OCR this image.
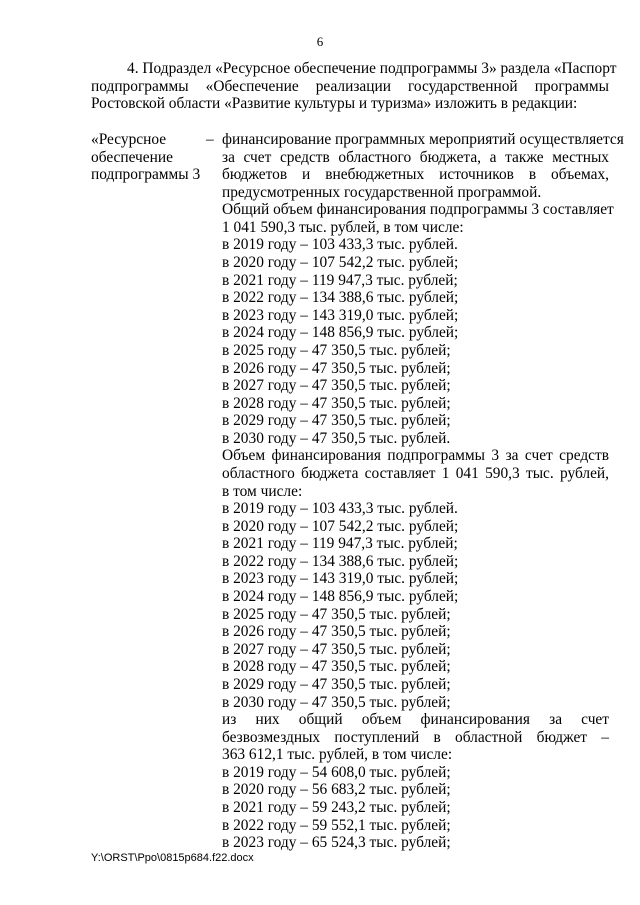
6
4. Подраздел «Ресурсное обеспечение подпрограммы 3» раздела «Паспорт
подпрограммы «Обеспечение реализации государственной программы
Ростовской области «Развитие культуры и туризма» изложить в редакции:
«Ресурсное
обеспечение
подпрограммы 3
– финансирование программных мероприятий осуществляется
за счет средств областного бюджета, а также местных
бюджетов и внебюджетных источников в объемах,
предусмотренных государственной программой.
Общий объем финансирования подпрограммы 3 составляет
1 041 590,3 тыс. рублей, в том числе:
в 2019 году – 103 433,3 тыс. рублей.
в 2020 году – 107 542,2 тыс. рублей;
в 2021 году – 119 947,3 тыс. рублей;
в 2022 году – 134 388,6 тыс. рублей;
в 2023 году – 143 319,0 тыс. рублей;
в 2024 году – 148 856,9 тыс. рублей;
в 2025 году – 47 350,5 тыс. рублей;
в 2026 году – 47 350,5 тыс. рублей;
в 2027 году – 47 350,5 тыс. рублей;
в 2028 году – 47 350,5 тыс. рублей;
в 2029 году – 47 350,5 тыс. рублей;
в 2030 году – 47 350,5 тыс. рублей.
Объем финансирования подпрограммы 3 за счет средств
областного бюджета составляет 1 041 590,3 тыс. рублей,
в том числе:
в 2019 году – 103 433,3 тыс. рублей.
в 2020 году – 107 542,2 тыс. рублей;
в 2021 году – 119 947,3 тыс. рублей;
в 2022 году – 134 388,6 тыс. рублей;
в 2023 году – 143 319,0 тыс. рублей;
в 2024 году – 148 856,9 тыс. рублей;
в 2025 году – 47 350,5 тыс. рублей;
в 2026 году – 47 350,5 тыс. рублей;
в 2027 году – 47 350,5 тыс. рублей;
в 2028 году – 47 350,5 тыс. рублей;
в 2029 году – 47 350,5 тыс. рублей;
в 2030 году – 47 350,5 тыс. рублей;
из них общий объем финансирования за счет
безвозмездных поступлений в областной бюджет –
363 612,1 тыс. рублей, в том числе:
в 2019 году – 54 608,0 тыс. рублей;
в 2020 году – 56 683,2 тыс. рублей;
в 2021 году – 59 243,2 тыс. рублей;
в 2022 году – 59 552,1 тыс. рублей;
в 2023 году – 65 524,3 тыс. рублей;
Y:\ORST\Ppo\0815p684.f22.docx
